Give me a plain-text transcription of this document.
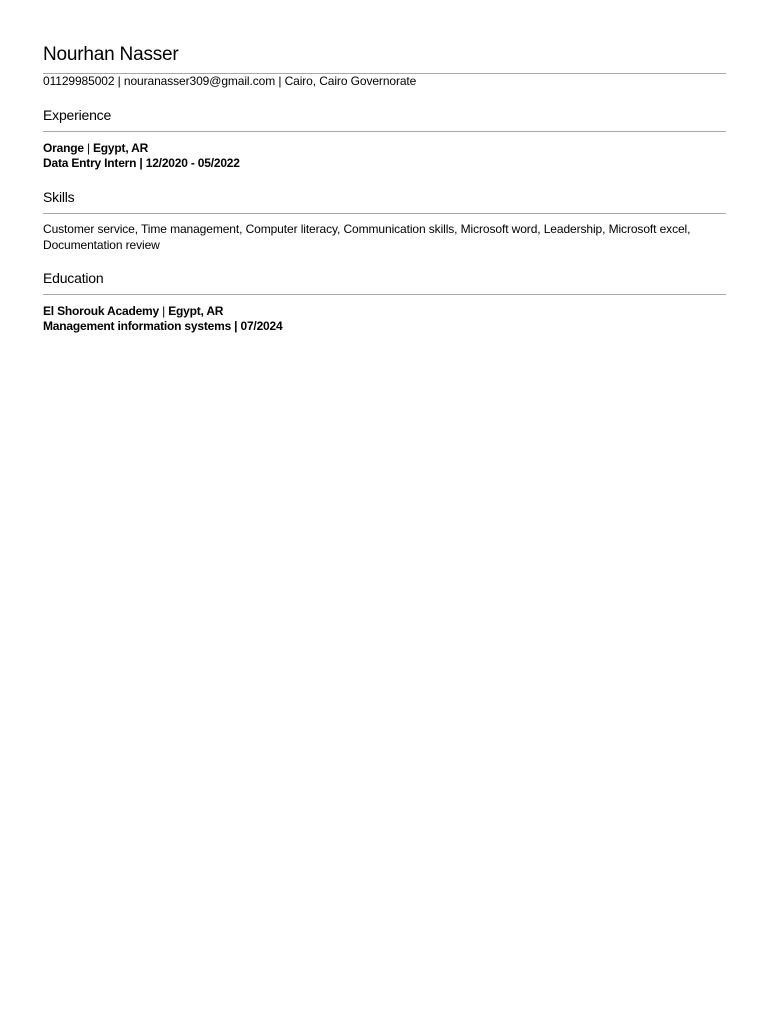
Nourhan Nasser
01129985002 | nouranasser309@gmail.com | Cairo, Cairo Governorate
Experience
Orange | Egypt, AR
Data Entry Intern | 12/2020 - 05/2022
Skills
Customer service, Time management, Computer literacy, Communication skills, Microsoft word, Leadership, Microsoft excel, Documentation review
Education
El Shorouk Academy | Egypt, AR
Management information systems | 07/2024
